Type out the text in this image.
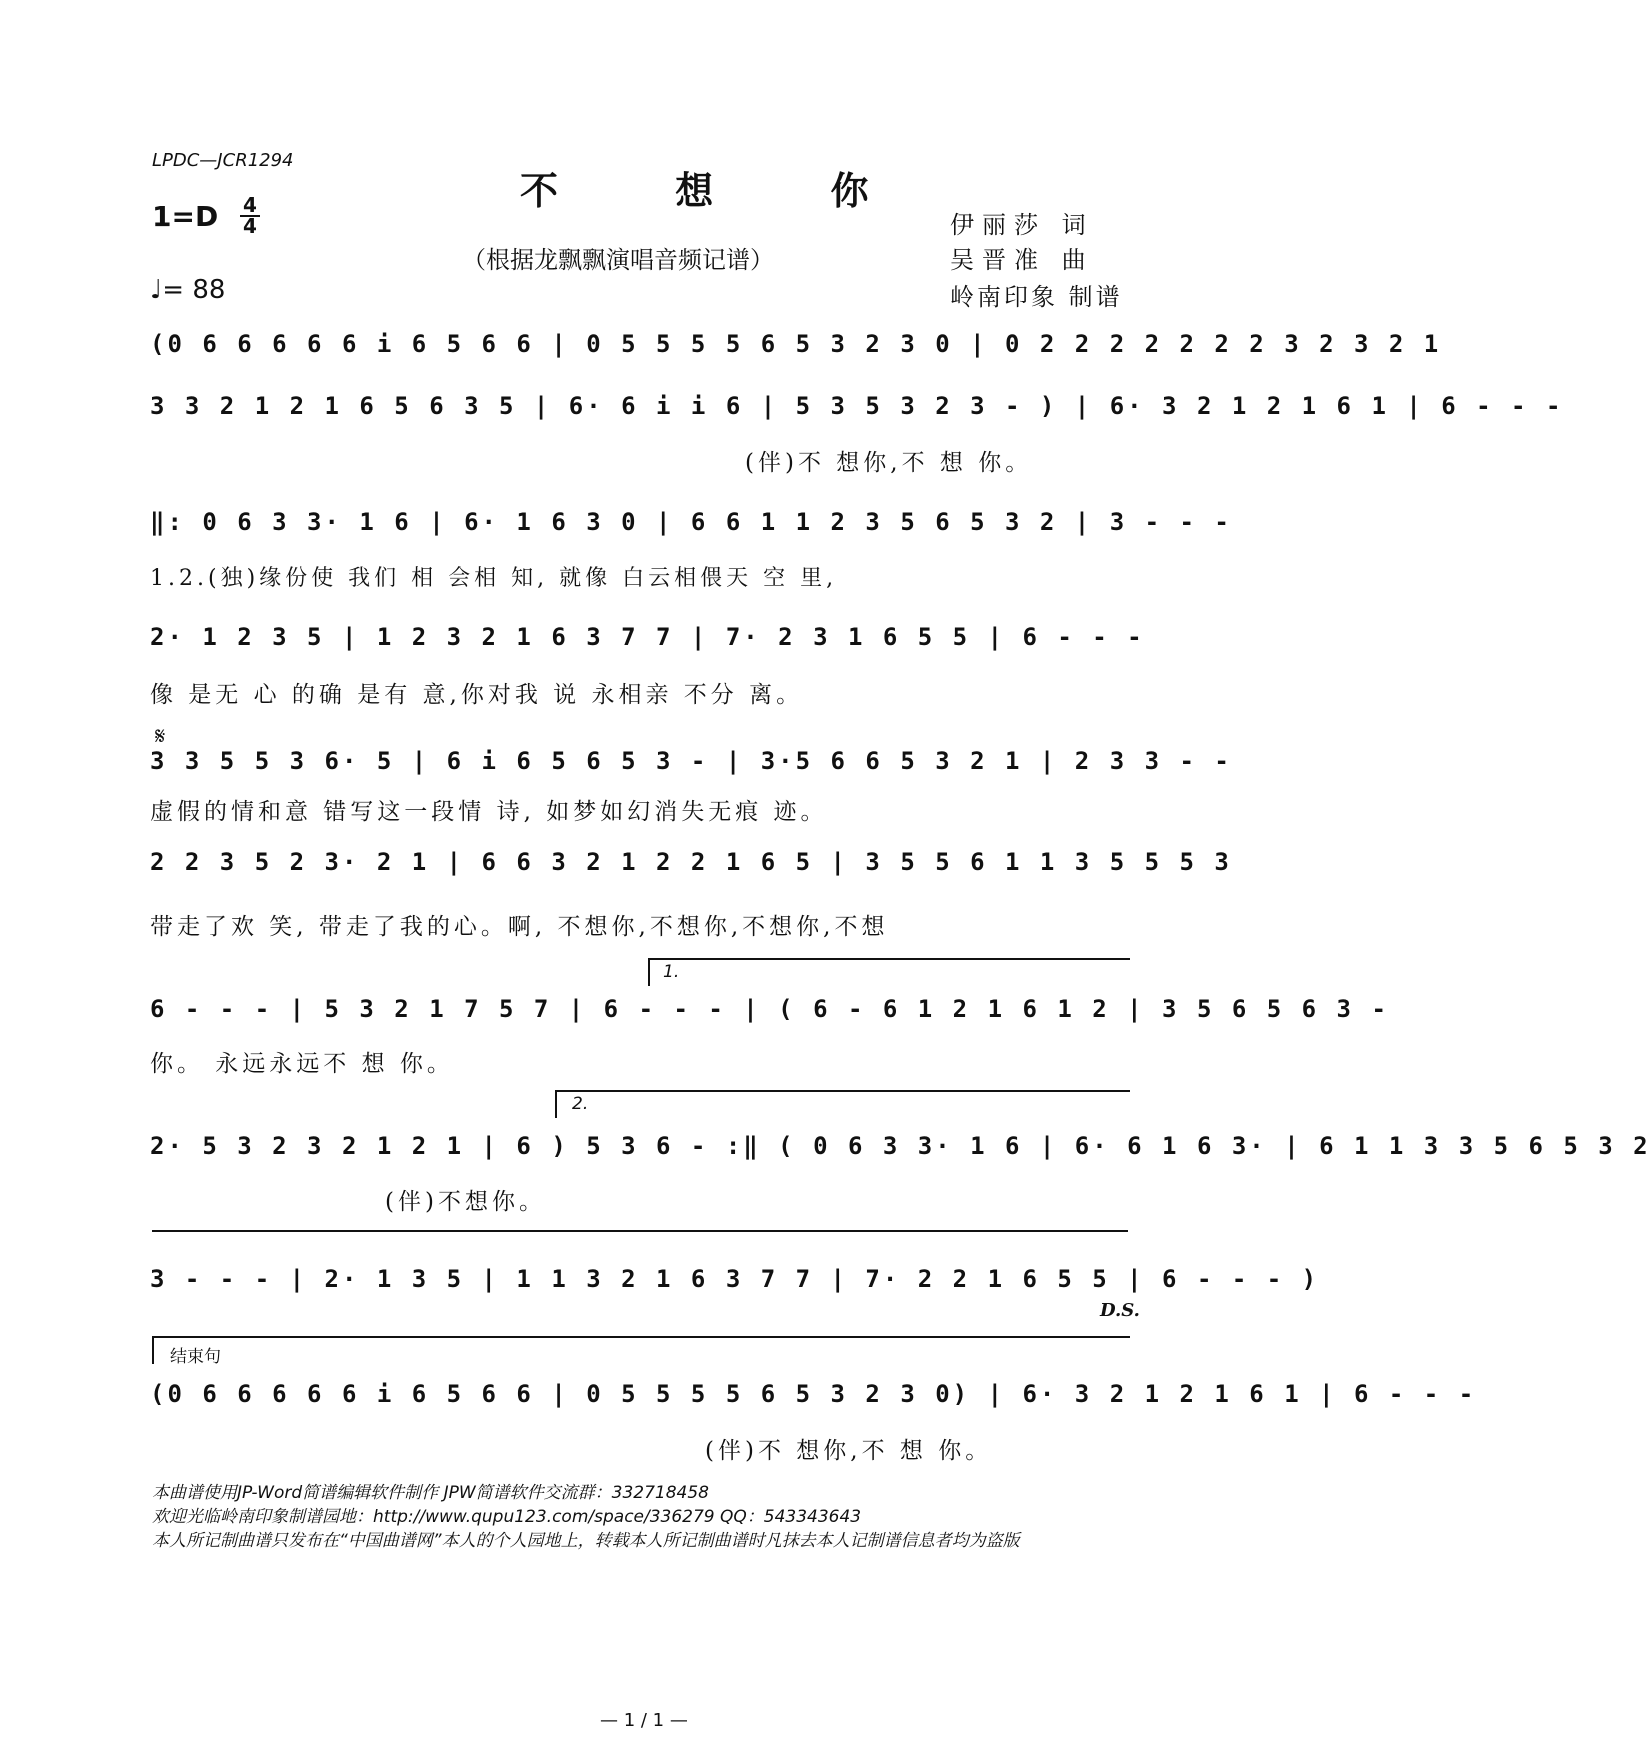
LPDC—JCR1294
不 想 你
（根据龙飘飘演唱音频记谱）
1=D 4
4
♩= 88
伊丽莎 词
吴晋准 曲
岭南印象 制谱
(0 6 6 6 6 6 i 6 5 6 6 | 0 5 5 5 5 6 5 3 2 3 0 | 0 2 2 2 2 2 2 2 3 2 3 2 1
3 3 2 1 2 1 6 5 6 3 5 | 6· 6 i i 6 | 5 3 5 3 2 3 - ) | 6· 3 2 1 2 1 6 1 | 6 - - -
(伴)不 想你,不 想 你。
‖: 0 6 3 3· 1 6 | 6· 1 6 3 0 | 6 6 1 1 2 3 5 6 5 3 2 | 3 - - -
1.2.(独)缘份使 我们 相 会相 知, 就像 白云相偎天 空 里,
2· 1 2 3 5 | 1 2 3 2 1 6 3 7 7 | 7· 2 3 1 6 5 5 | 6 - - -
像 是无 心 的确 是有 意,你对我 说 永相亲 不分 离。
𝄋
3 3 5 5 3 6· 5 | 6 i 6 5 6 5 3 - | 3·5 6 6 5 3 2 1 | 2 3 3 - -
虚假的情和意 错写这一段情 诗, 如梦如幻消失无痕 迹。
2 2 3 5 2 3· 2 1 | 6 6 3 2 1 2 2 1 6 5 | 3 5 5 6 1 1 3 5 5 5 3
带走了欢 笑, 带走了我的心。啊, 不想你,不想你,不想你,不想
1.
6 - - - | 5 3 2 1 7 5 7 | 6 - - - | ( 6 - 6 1 2 1 6 1 2 | 3 5 6 5 6 3 -
你。 永远永远不 想 你。
2.
2· 5 3 2 3 2 1 2 1 | 6 ) 5 3 6 - :‖ ( 0 6 3 3· 1 6 | 6· 6 1 6 3· | 6 1 1 3 3 5 6 5 3 2
(伴)不想你。
3 - - - | 2· 1 3 5 | 1 1 3 2 1 6 3 7 7 | 7· 2 2 1 6 5 5 | 6 - - - )
D.S.
结束句
(0 6 6 6 6 6 i 6 5 6 6 | 0 5 5 5 5 6 5 3 2 3 0) | 6· 3 2 1 2 1 6 1 | 6 - - -
(伴)不 想你,不 想 你。
本曲谱使用JP-Word简谱编辑软件制作 JPW简谱软件交流群：332718458
欢迎光临岭南印象制谱园地：http://www.qupu123.com/space/336279 QQ：543343643
本人所记制曲谱只发布在“中国曲谱网”本人的个人园地上，转载本人所记制曲谱时凡抹去本人记制谱信息者均为盗版
— 1 / 1 —
